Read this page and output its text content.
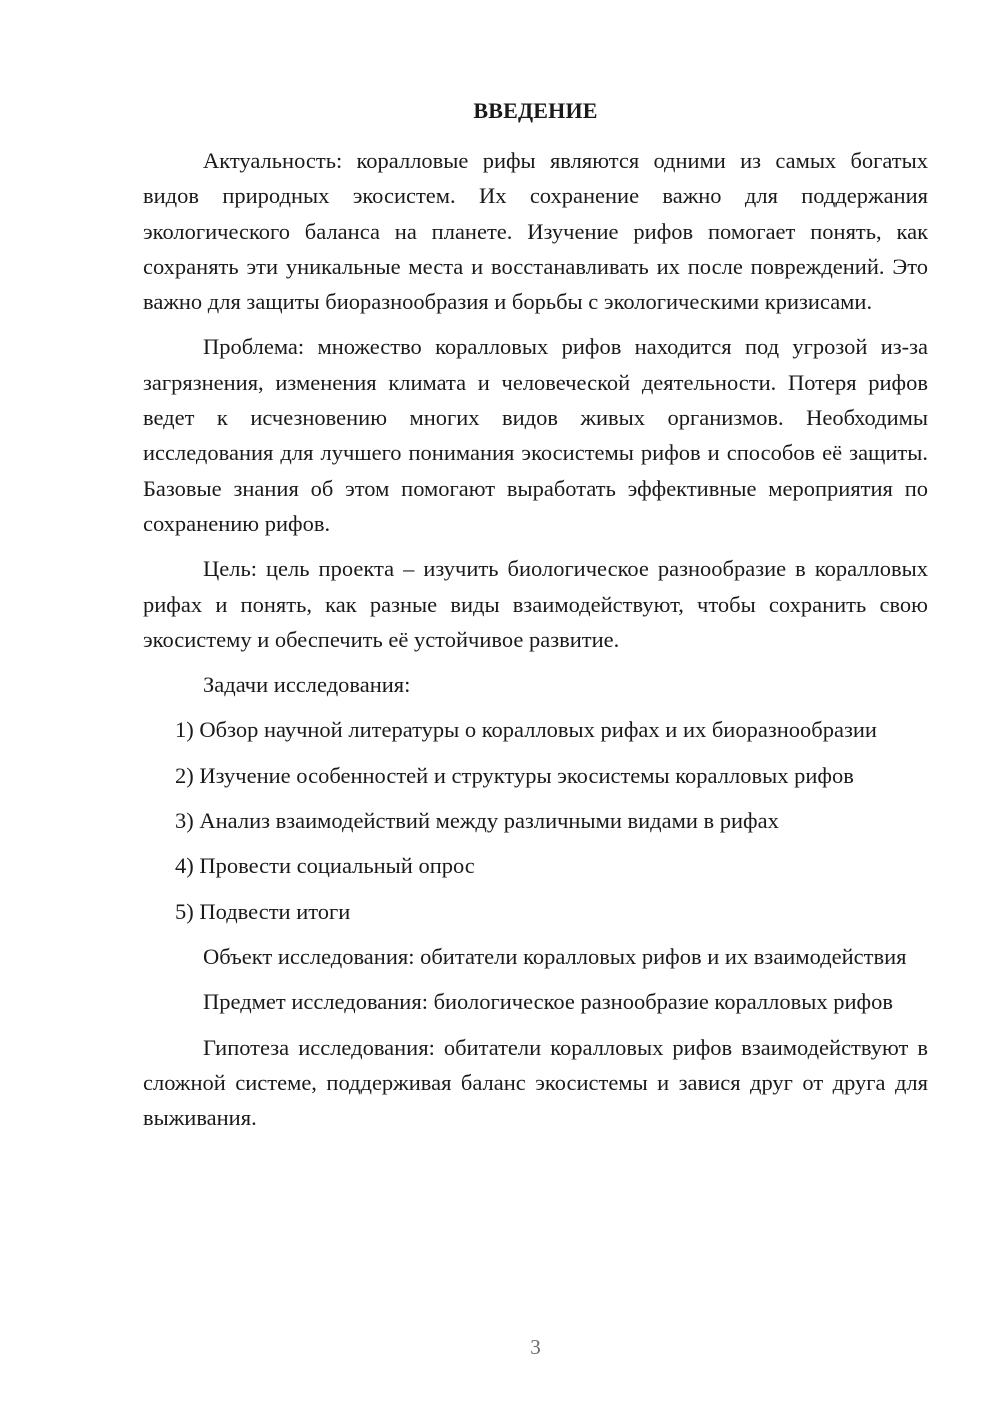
ВВЕДЕНИЕ

Актуальность: коралловые рифы являются одними из самых богатых видов природных экосистем. Их сохранение важно для поддержания экологического баланса на планете. Изучение рифов помогает понять, как сохранять эти уникальные места и восстанавливать их после повреждений. Это важно для защиты биоразнообразия и борьбы с экологическими кризисами.

Проблема: множество коралловых рифов находится под угрозой из-за загрязнения, изменения климата и человеческой деятельности. Потеря рифов ведет к исчезновению многих видов живых организмов. Необходимы исследования для лучшего понимания экосистемы рифов и способов её защиты. Базовые знания об этом помогают выработать эффективные мероприятия по сохранению рифов.

Цель: цель проекта – изучить биологическое разнообразие в коралловых рифах и понять, как разные виды взаимодействуют, чтобы сохранить свою экосистему и обеспечить её устойчивое развитие.

Задачи исследования:

1) Обзор научной литературы о коралловых рифах и их биоразнообразии

2) Изучение особенностей и структуры экосистемы коралловых рифов

3) Анализ взаимодействий между различными видами в рифах

4) Провести социальный опрос

5) Подвести итоги

Объект исследования: обитатели коралловых рифов и их взаимодействия

Предмет исследования: биологическое разнообразие коралловых рифов

Гипотеза исследования: обитатели коралловых рифов взаимодействуют в сложной системе, поддерживая баланс экосистемы и завися друг от друга для выживания.

3
